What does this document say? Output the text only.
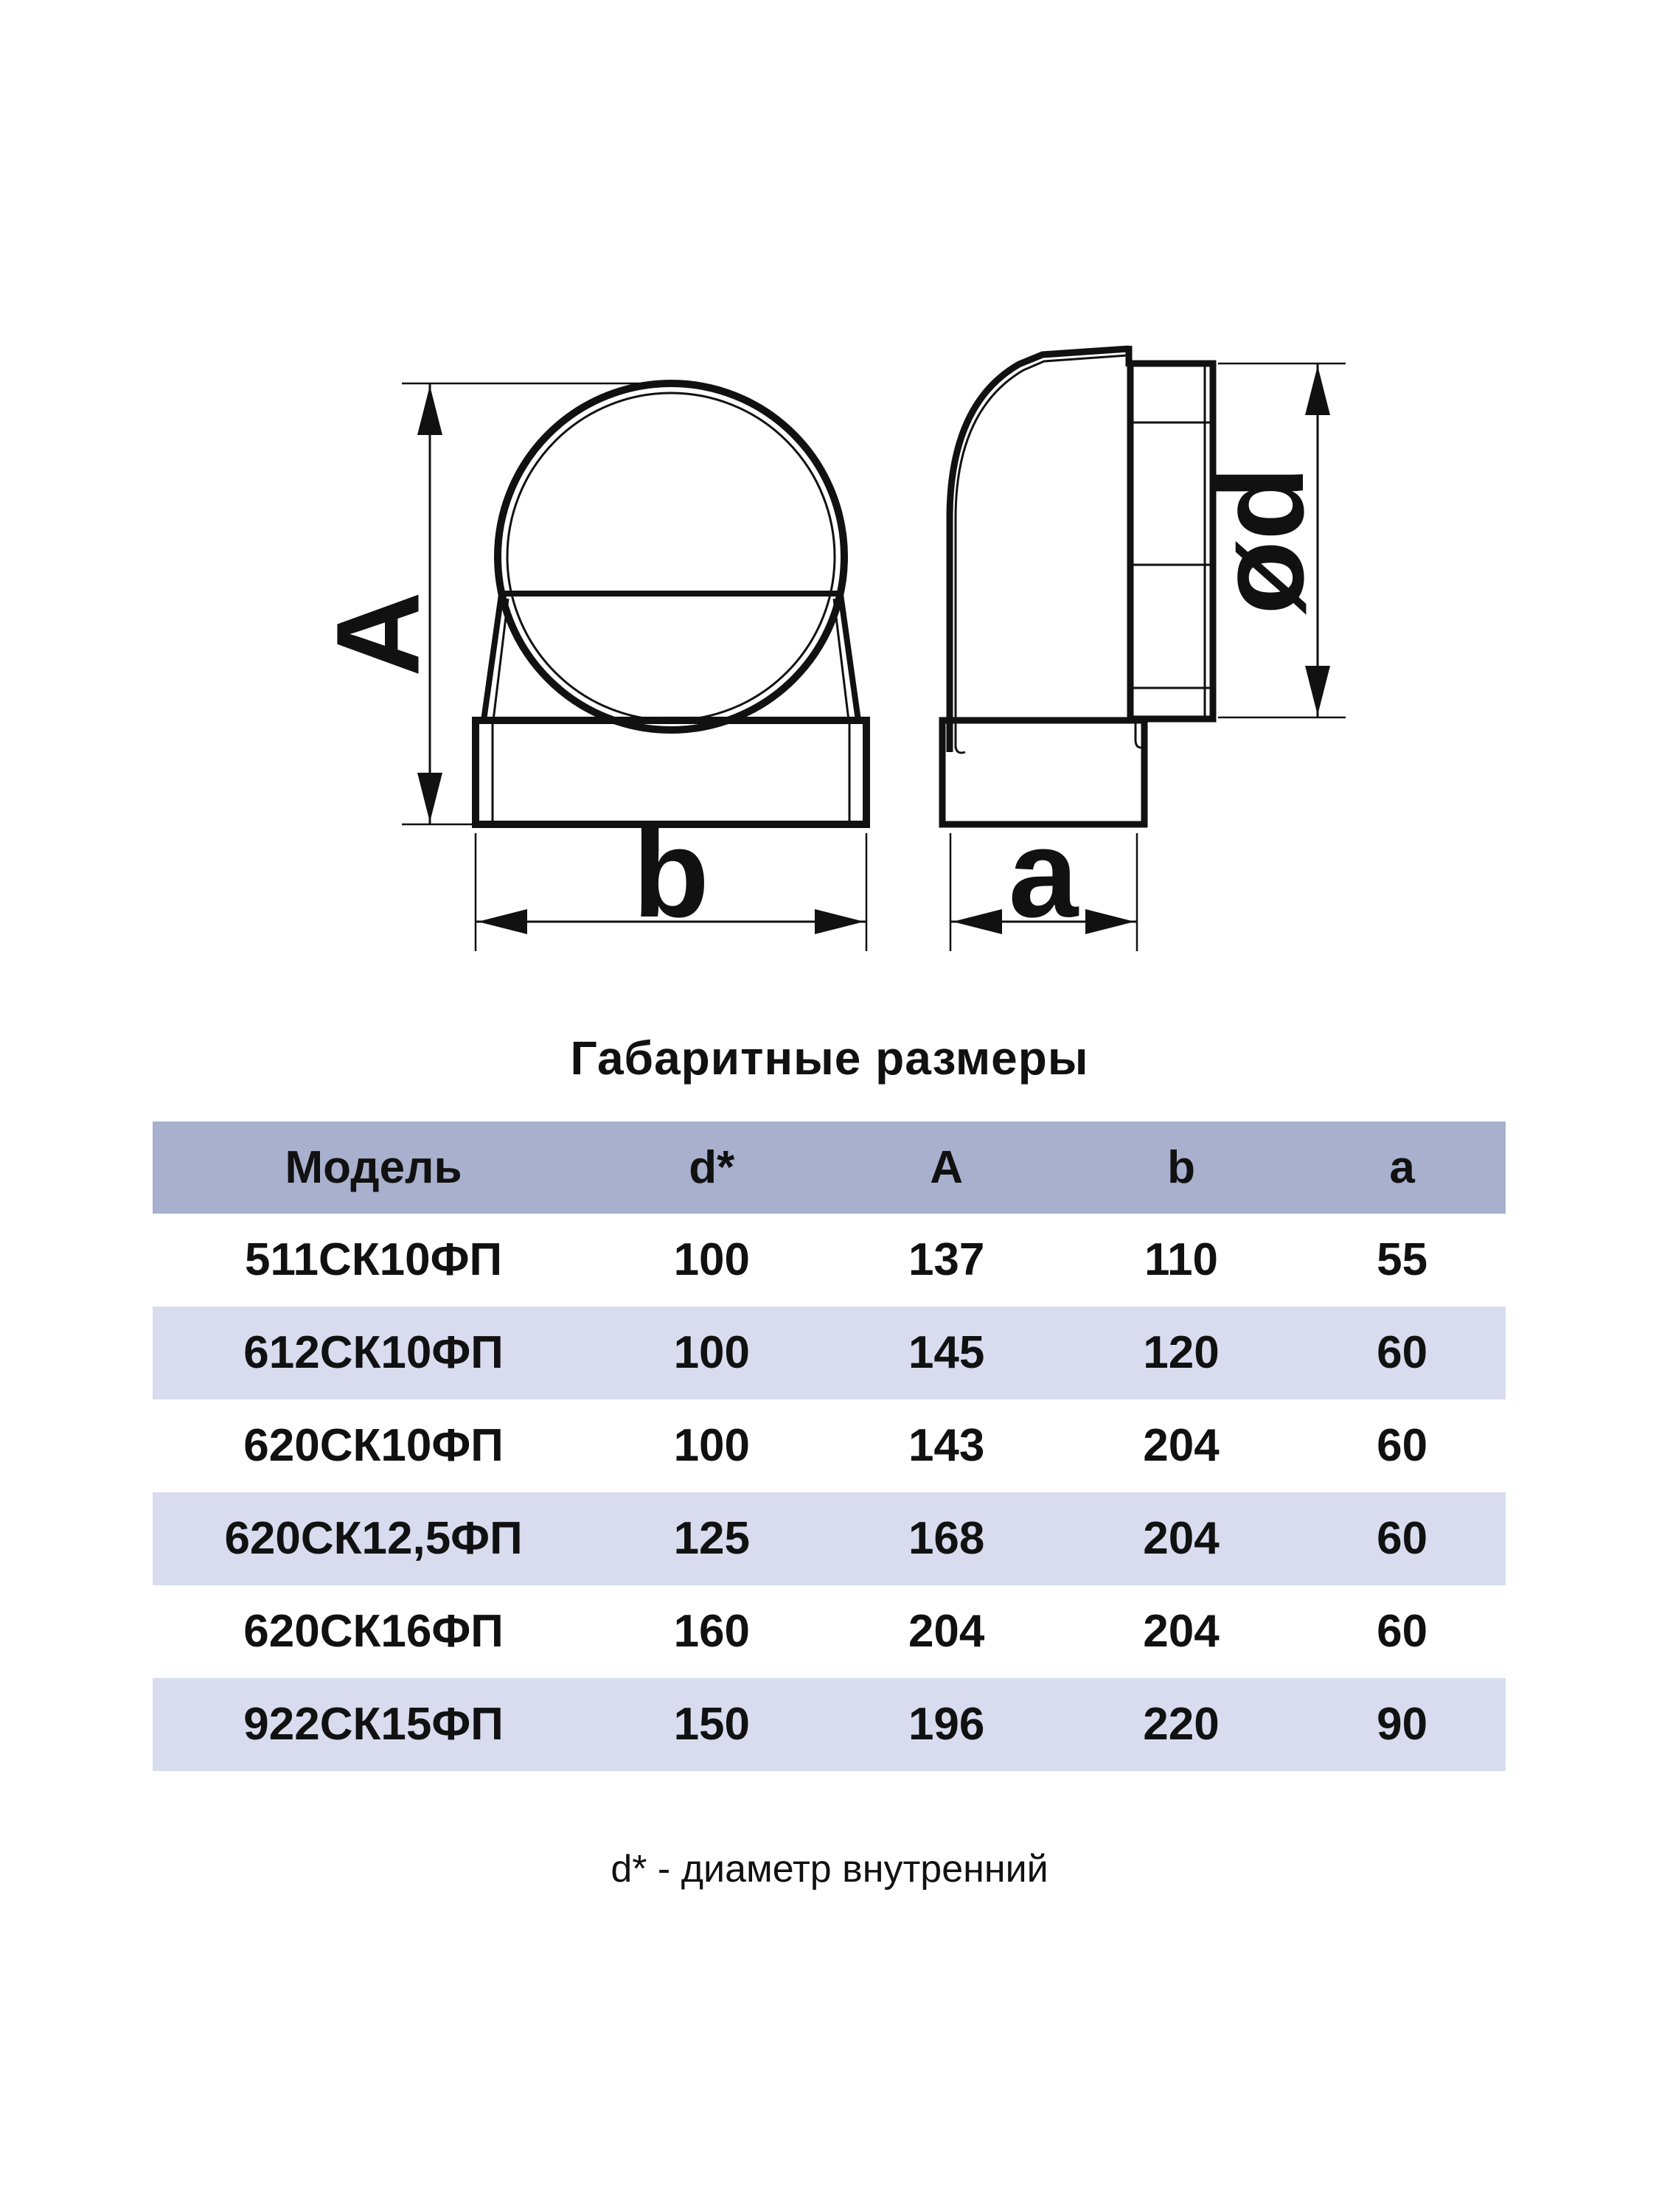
A
b
ød
a
Габаритные размеры
Модель	d*	A	b	a
511СК10ФП	100	137	110	55
612СК10ФП	100	145	120	60
620СК10ФП	100	143	204	60
620СК12,5ФП	125	168	204	60
620СК16ФП	160	204	204	60
922СК15ФП	150	196	220	90
d* - диаметр внутренний
